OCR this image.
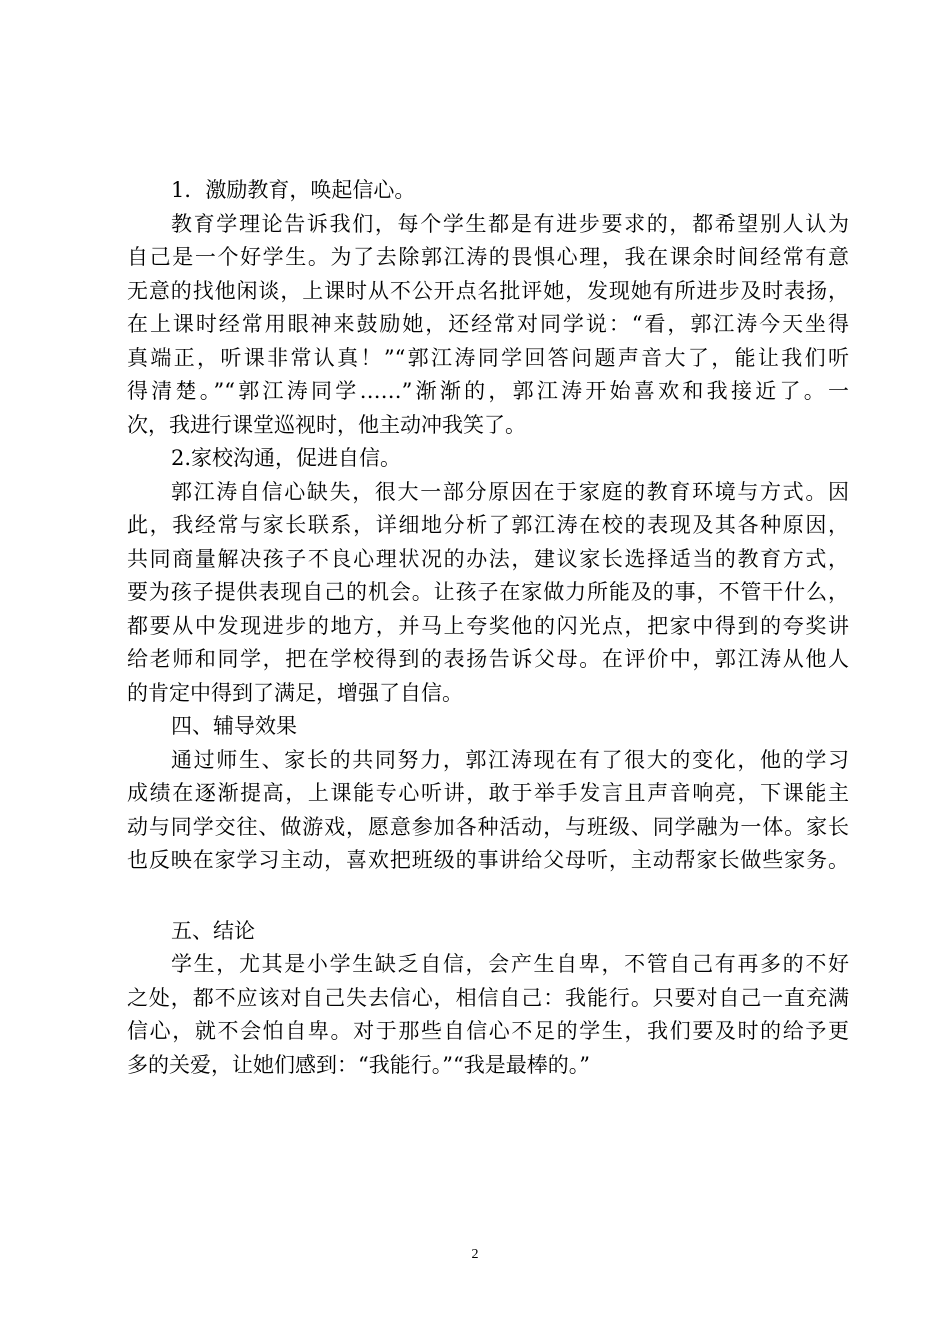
1．激励教育，唤起信心。
教育学理论告诉我们，每个学生都是有进步要求的，都希望别人认为
自己是一个好学生。为了去除郭江涛的畏惧心理，我在课余时间经常有意
无意的找他闲谈，上课时从不公开点名批评她，发现她有所进步及时表扬，
在上课时经常用眼神来鼓励她，还经常对同学说：“看，郭江涛今天坐得
真端正，听课非常认真！”“郭江涛同学回答问题声音大了，能让我们听
得清楚。”“郭江涛同学……”渐渐的，郭江涛开始喜欢和我接近了。一
次，我进行课堂巡视时，他主动冲我笑了。
2.家校沟通，促进自信。
郭江涛自信心缺失，很大一部分原因在于家庭的教育环境与方式。因
此，我经常与家长联系，详细地分析了郭江涛在校的表现及其各种原因，
共同商量解决孩子不良心理状况的办法，建议家长选择适当的教育方式，
要为孩子提供表现自己的机会。让孩子在家做力所能及的事，不管干什么，
都要从中发现进步的地方，并马上夸奖他的闪光点，把家中得到的夸奖讲
给老师和同学，把在学校得到的表扬告诉父母。在评价中，郭江涛从他人
的肯定中得到了满足，增强了自信。
四、辅导效果
通过师生、家长的共同努力，郭江涛现在有了很大的变化，他的学习
成绩在逐渐提高，上课能专心听讲，敢于举手发言且声音响亮，下课能主
动与同学交往、做游戏，愿意参加各种活动，与班级、同学融为一体。家长
也反映在家学习主动，喜欢把班级的事讲给父母听，主动帮家长做些家务。
五、结论
学生，尤其是小学生缺乏自信，会产生自卑，不管自己有再多的不好
之处，都不应该对自己失去信心，相信自己：我能行。只要对自己一直充满
信心，就不会怕自卑。对于那些自信心不足的学生，我们要及时的给予更
多的关爱，让她们感到：“我能行。”“我是最棒的。”
2
